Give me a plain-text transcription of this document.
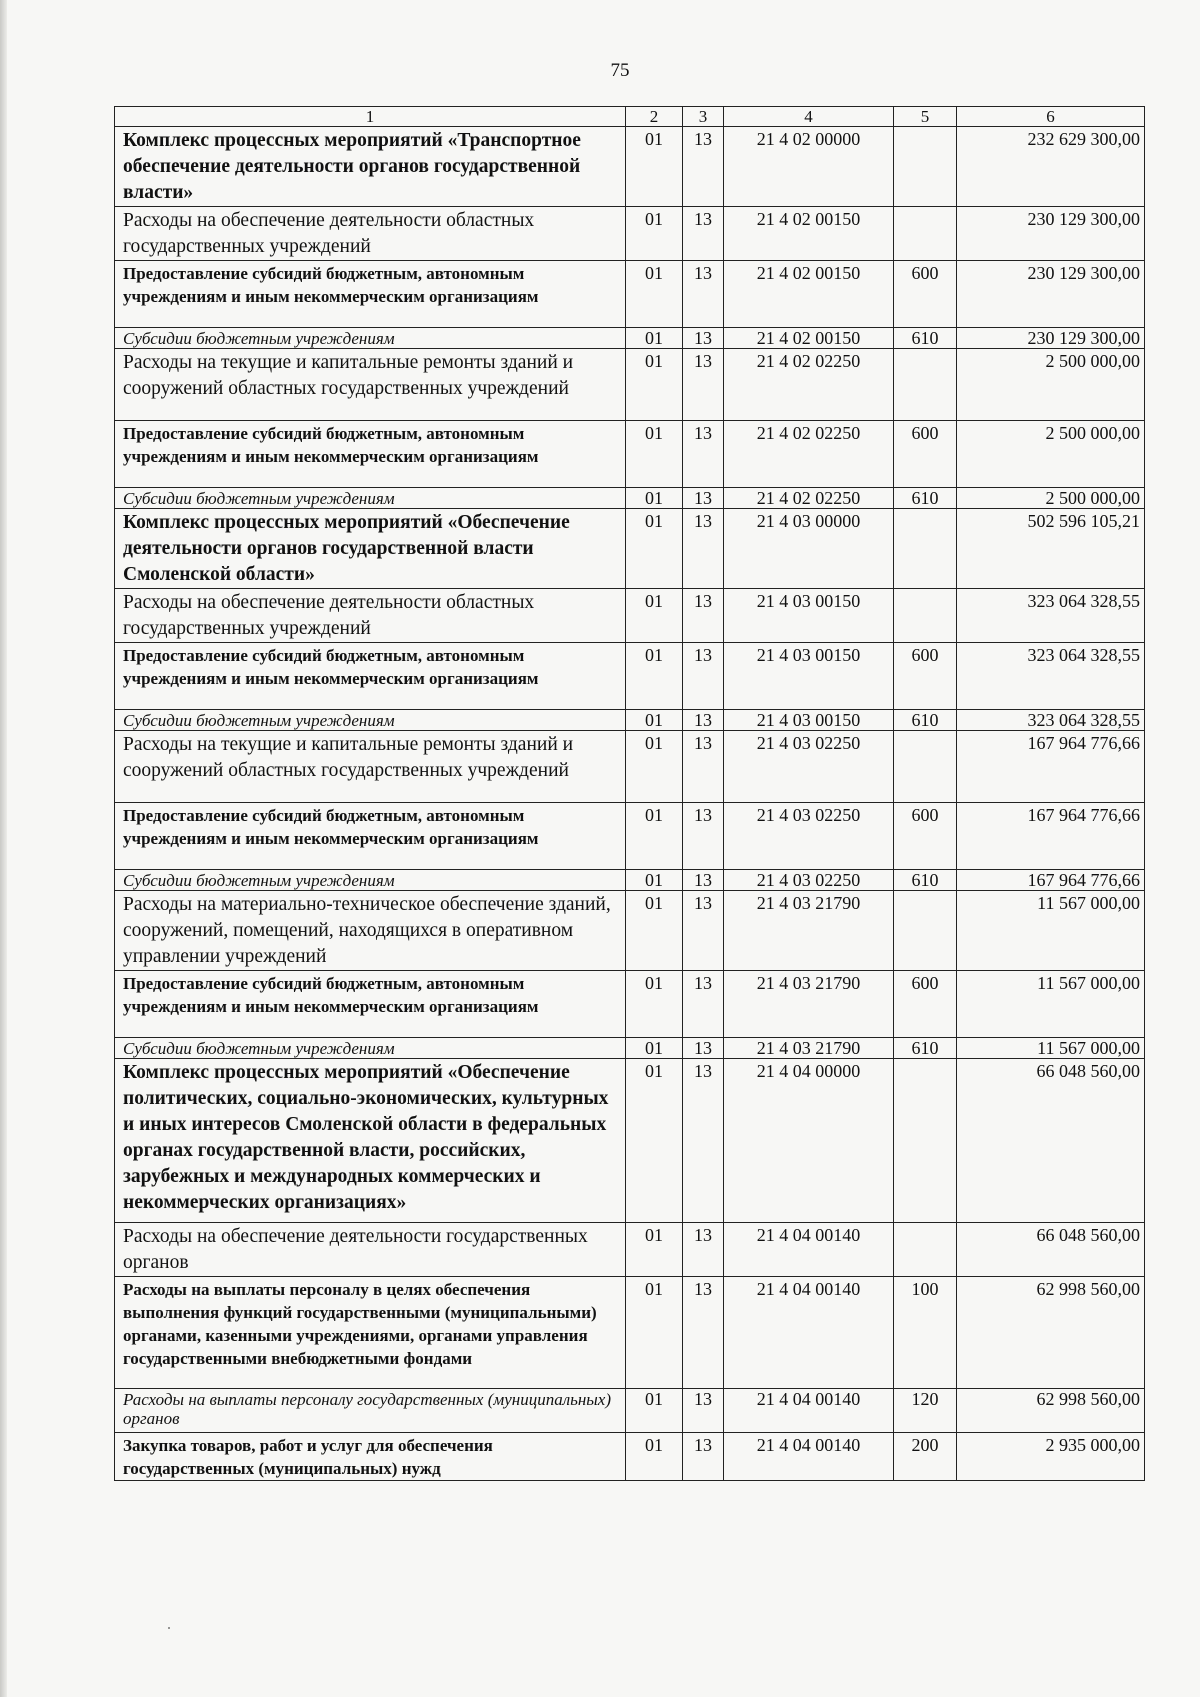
75
1	2	3	4	5	6
Комплекс процессных мероприятий «Транспортное обеспечение деятельности органов государственной власти»	01	13	21 4 02 00000		232 629 300,00
Расходы на обеспечение деятельности областных государственных учреждений	01	13	21 4 02 00150		230 129 300,00
Предоставление субсидий бюджетным, автономным учреждениям и иным некоммерческим организациям	01	13	21 4 02 00150	600	230 129 300,00
Субсидии бюджетным учреждениям	01	13	21 4 02 00150	610	230 129 300,00
Расходы на текущие и капитальные ремонты зданий и сооружений областных государственных учреждений	01	13	21 4 02 02250		2 500 000,00
Предоставление субсидий бюджетным, автономным учреждениям и иным некоммерческим организациям	01	13	21 4 02 02250	600	2 500 000,00
Субсидии бюджетным учреждениям	01	13	21 4 02 02250	610	2 500 000,00
Комплекс процессных мероприятий «Обеспечение деятельности органов государственной власти Смоленской области»	01	13	21 4 03 00000		502 596 105,21
Расходы на обеспечение деятельности областных государственных учреждений	01	13	21 4 03 00150		323 064 328,55
Предоставление субсидий бюджетным, автономным учреждениям и иным некоммерческим организациям	01	13	21 4 03 00150	600	323 064 328,55
Субсидии бюджетным учреждениям	01	13	21 4 03 00150	610	323 064 328,55
Расходы на текущие и капитальные ремонты зданий и сооружений областных государственных учреждений	01	13	21 4 03 02250		167 964 776,66
Предоставление субсидий бюджетным, автономным учреждениям и иным некоммерческим организациям	01	13	21 4 03 02250	600	167 964 776,66
Субсидии бюджетным учреждениям	01	13	21 4 03 02250	610	167 964 776,66
Расходы на материально-техническое обеспечение зданий, сооружений, помещений, находящихся в оперативном управлении учреждений	01	13	21 4 03 21790		11 567 000,00
Предоставление субсидий бюджетным, автономным учреждениям и иным некоммерческим организациям	01	13	21 4 03 21790	600	11 567 000,00
Субсидии бюджетным учреждениям	01	13	21 4 03 21790	610	11 567 000,00
Комплекс процессных мероприятий «Обеспечение политических, социально-экономических, культурных и иных интересов Смоленской области в федеральных органах государственной власти, российских, зарубежных и международных коммерческих и некоммерческих организациях»	01	13	21 4 04 00000		66 048 560,00
Расходы на обеспечение деятельности государственных органов	01	13	21 4 04 00140		66 048 560,00
Расходы на выплаты персоналу в целях обеспечения выполнения функций государственными (муниципальными) органами, казенными учреждениями, органами управления государственными внебюджетными фондами	01	13	21 4 04 00140	100	62 998 560,00
Расходы на выплаты персоналу государственных (муниципальных) органов	01	13	21 4 04 00140	120	62 998 560,00
Закупка товаров, работ и услуг для обеспечения государственных (муниципальных) нужд	01	13	21 4 04 00140	200	2 935 000,00
